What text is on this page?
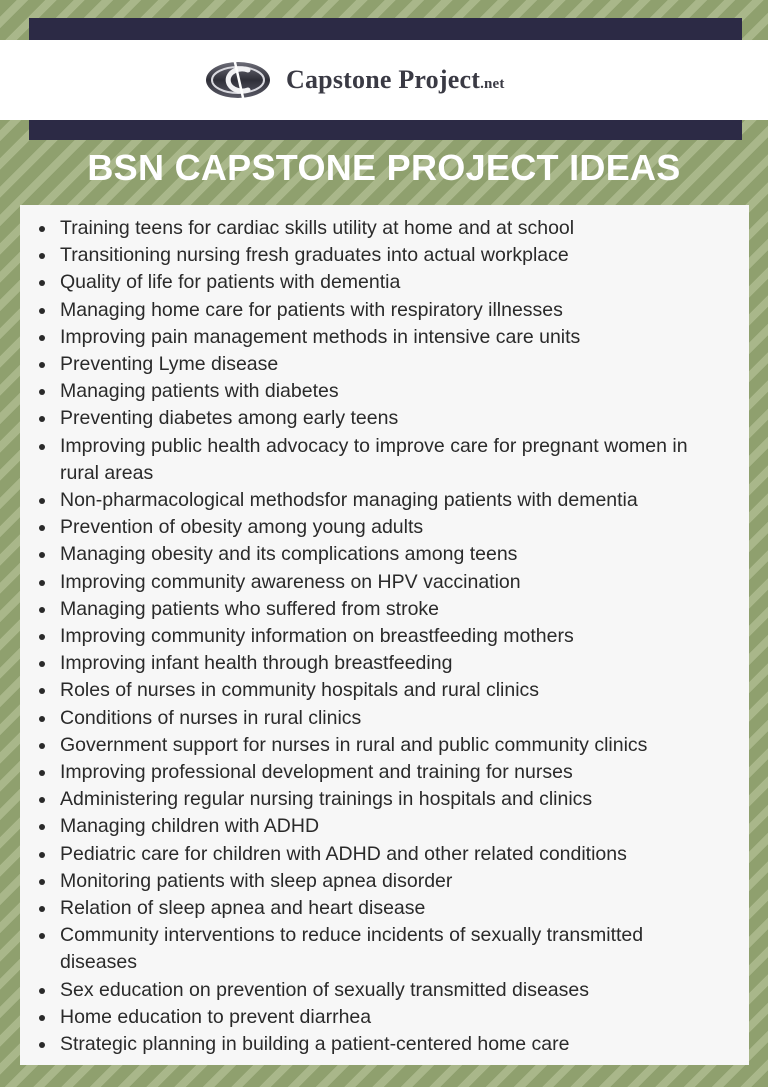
Capstone Project.net
BSN CAPSTONE PROJECT IDEAS
Training teens for cardiac skills utility at home and at school
Transitioning nursing fresh graduates into actual workplace
Quality of life for patients with dementia
Managing home care for patients with respiratory illnesses
Improving pain management methods in intensive care units
Preventing Lyme disease
Managing patients with diabetes
Preventing diabetes among early teens
Improving public health advocacy to improve care for pregnant women in rural areas
Non-pharmacological methodsfor managing patients with dementia
Prevention of obesity among young adults
Managing obesity and its complications among teens
Improving community awareness on HPV vaccination
Managing patients who suffered from stroke
Improving community information on breastfeeding mothers
Improving infant health through breastfeeding
Roles of nurses in community hospitals and rural clinics
Conditions of nurses in rural clinics
Government support for nurses in rural and public community clinics
Improving professional development and training for nurses
Administering regular nursing trainings in hospitals and clinics
Managing children with ADHD
Pediatric care for children with ADHD and other related conditions
Monitoring patients with sleep apnea disorder
Relation of sleep apnea and heart disease
Community interventions to reduce incidents of sexually transmitted diseases
Sex education on prevention of sexually transmitted diseases
Home education to prevent diarrhea
Strategic planning in building a patient-centered home care
